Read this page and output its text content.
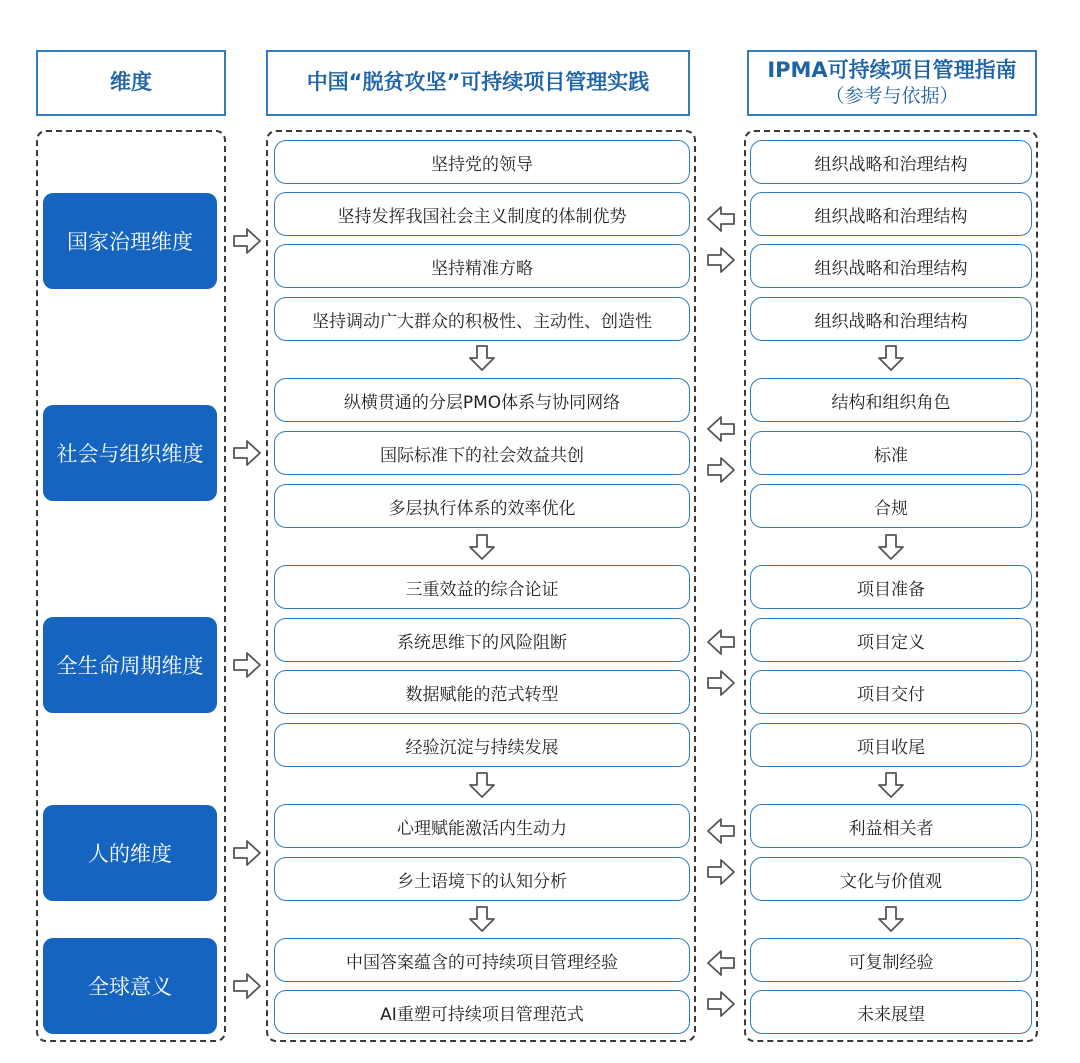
维度	中国“脱贫攻坚”可持续项目管理实践
IPMA可持续项目管理指南
（参考与依据）
国家治理维度
社会与组织维度
全生命周期维度
人的维度
全球意义
坚持党的领导
坚持发挥我国社会主义制度的体制优势
坚持精准方略
坚持调动广大群众的积极性、主动性、创造性
纵横贯通的分层PMO体系与协同网络
国际标准下的社会效益共创
多层执行体系的效率优化
三重效益的综合论证
系统思维下的风险阻断
数据赋能的范式转型
经验沉淀与持续发展
心理赋能激活内生动力
乡土语境下的认知分析
中国答案蕴含的可持续项目管理经验
AI重塑可持续项目管理范式
组织战略和治理结构
组织战略和治理结构
组织战略和治理结构
组织战略和治理结构
结构和组织角色
标准
合规
项目准备
项目定义
项目交付
项目收尾
利益相关者
文化与价值观
可复制经验
未来展望
